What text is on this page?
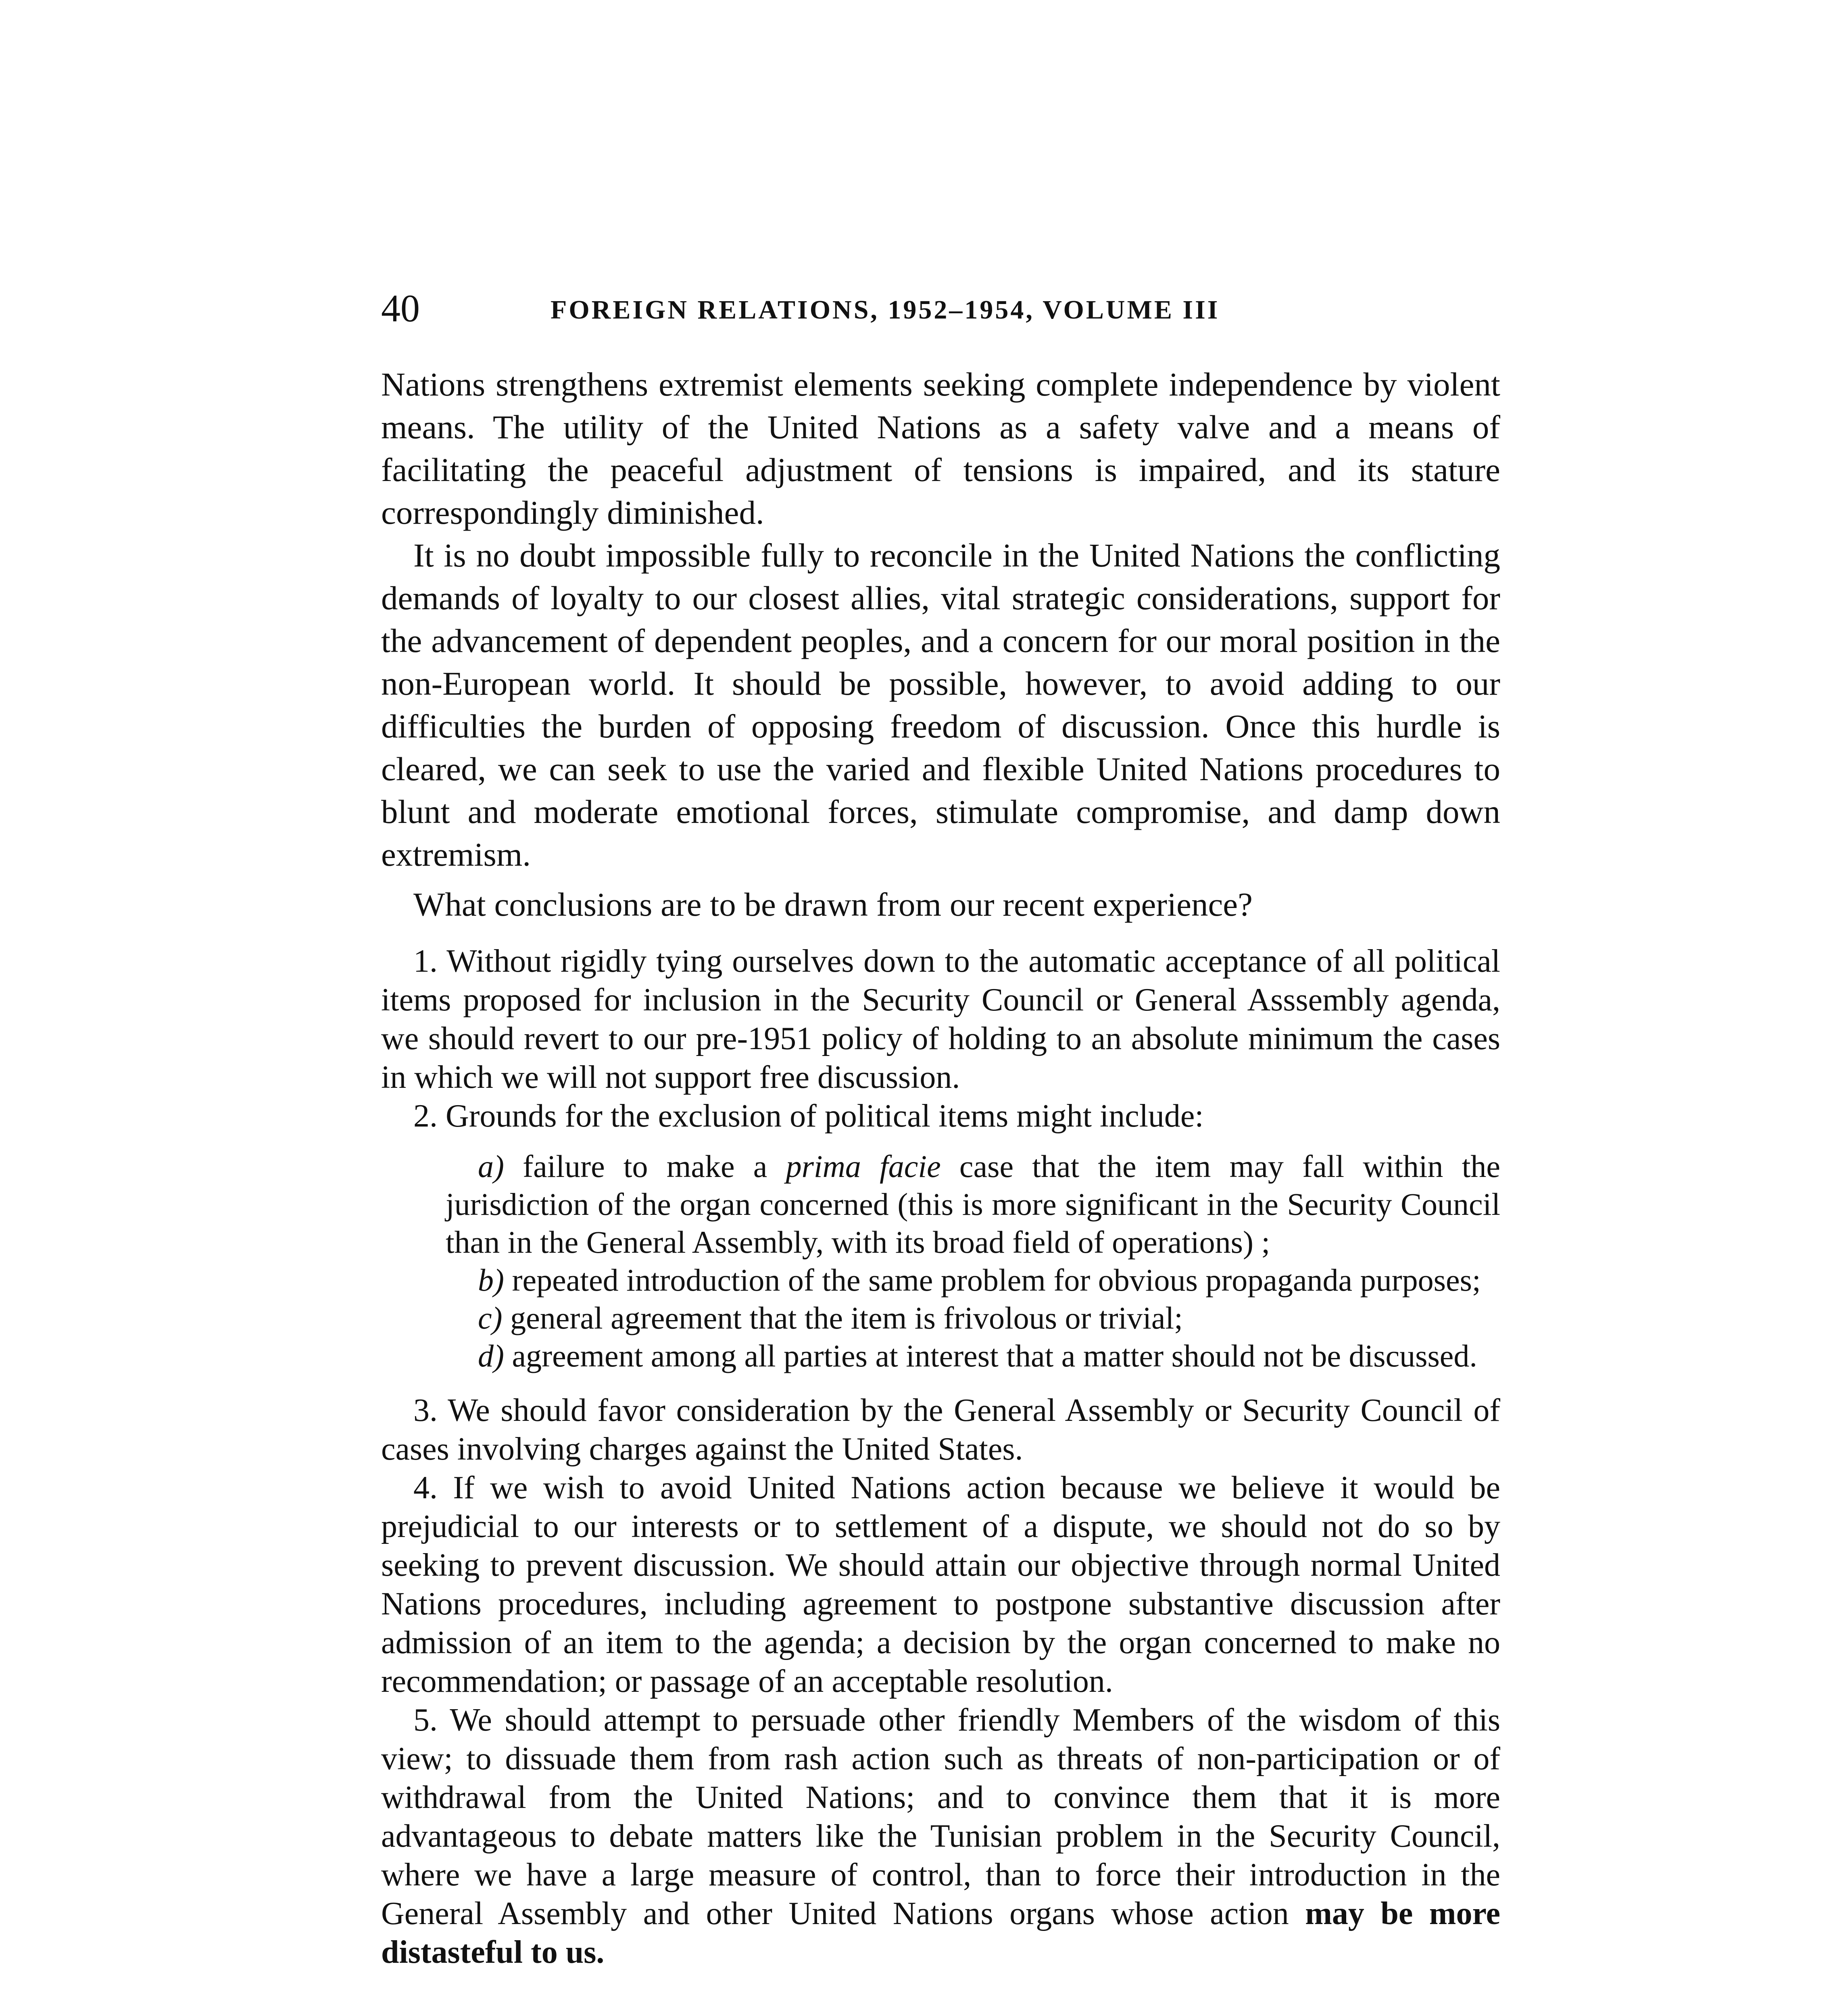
40	FOREIGN RELATIONS, 1952–1954, VOLUME III

Nations strengthens extremist elements seeking complete independence by violent means. The utility of the United Nations as a safety valve and a means of facilitating the peaceful adjustment of tensions is impaired, and its stature correspondingly diminished.

It is no doubt impossible fully to reconcile in the United Nations the conflicting demands of loyalty to our closest allies, vital strategic considerations, support for the advancement of dependent peoples, and a concern for our moral position in the non-European world. It should be possible, however, to avoid adding to our difficulties the burden of opposing freedom of discussion. Once this hurdle is cleared, we can seek to use the varied and flexible United Nations procedures to blunt and moderate emotional forces, stimulate compromise, and damp down extremism.

What conclusions are to be drawn from our recent experience?

1. Without rigidly tying ourselves down to the automatic acceptance of all political items proposed for inclusion in the Security Council or General Asssembly agenda, we should revert to our pre-1951 policy of holding to an absolute minimum the cases in which we will not support free discussion.

2. Grounds for the exclusion of political items might include:

a) failure to make a prima facie case that the item may fall within the jurisdiction of the organ concerned (this is more significant in the Security Council than in the General Assembly, with its broad field of operations) ;

b) repeated introduction of the same problem for obvious propaganda purposes;

c) general agreement that the item is frivolous or trivial;

d) agreement among all parties at interest that a matter should not be discussed.

3. We should favor consideration by the General Assembly or Security Council of cases involving charges against the United States.

4. If we wish to avoid United Nations action because we believe it would be prejudicial to our interests or to settlement of a dispute, we should not do so by seeking to prevent discussion. We should attain our objective through normal United Nations procedures, including agreement to postpone substantive discussion after admission of an item to the agenda; a decision by the organ concerned to make no recommendation; or passage of an acceptable resolution.

5. We should attempt to persuade other friendly Members of the wisdom of this view; to dissuade them from rash action such as threats of non-participation or of withdrawal from the United Nations; and to convince them that it is more advantageous to debate matters like the Tunisian problem in the Security Council, where we have a large measure of control, than to force their introduction in the General Assembly and other United Nations organs whose action may be more distasteful to us.
